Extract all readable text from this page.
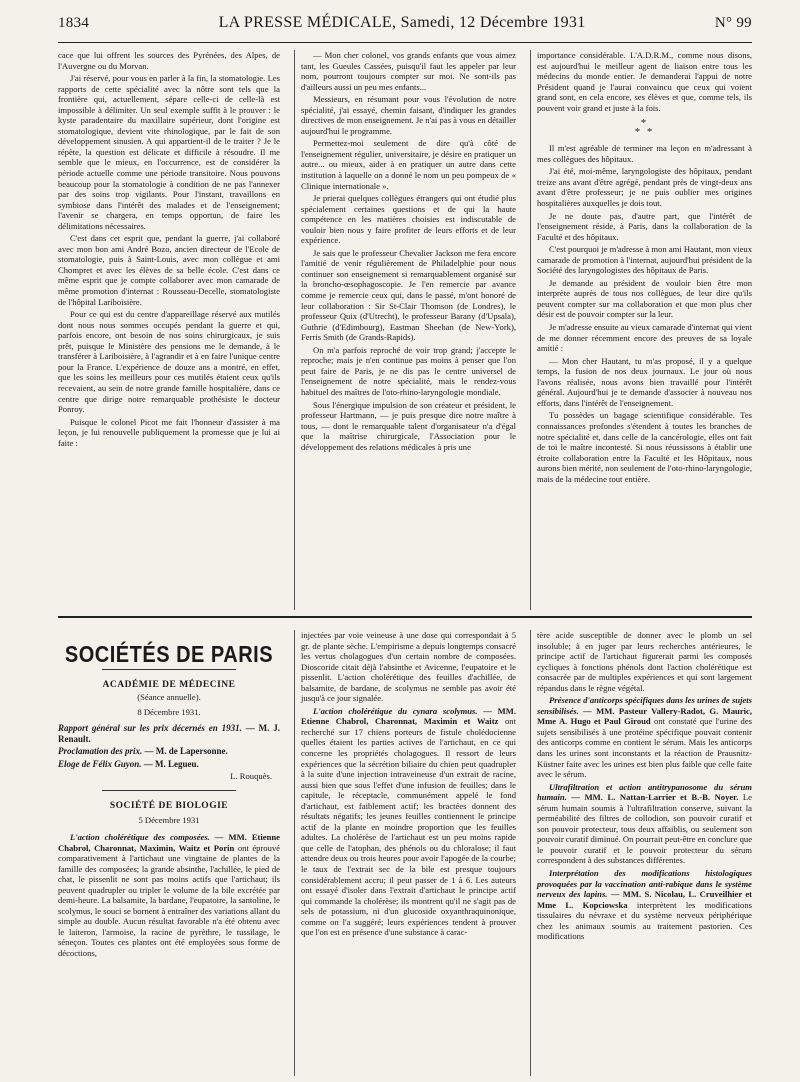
1834	LA PRESSE MÉDICALE, Samedi, 12 Décembre 1931	N° 99

cace que lui offrent les sources des Pyrénées, des Alpes, de l'Auvergne ou du Morvan.

J'ai réservé, pour vous en parler à la fin, la stomatologie. Les rapports de cette spécialité avec la nôtre sont tels que la frontière qui, actuellement, sépare celle-ci de celle-là est impossible à délimiter. Un seul exemple suffit à le prouver : le kyste paradentaire du maxillaire supérieur, dont l'origine est stomatologique, devient vite rhinologique, par le fait de son développement sinusien. A qui appartient-il de le traiter ? Je le répète, la question est délicate et difficile à résoudre. Il me semble que le mieux, en l'occurrence, est de considérer la période actuelle comme une période transitoire. Nous pouvons beaucoup pour la stomatologie à condition de ne pas l'annexer par des soins trop vigilants. Pour l'instant, travaillons en symbiose dans l'intérêt des malades et de l'enseignement; l'avenir se chargera, en temps opportun, de faire les délimitations nécessaires.

C'est dans cet esprit que, pendant la guerre, j'ai collaboré avec mon bon ami André Bozo, ancien directeur de l'Ecole de stomatologie, puis à Saint-Louis, avec mon collègue et ami Chompret et avec les élèves de sa belle école. C'est dans ce même esprit que je compte collaborer avec mon camarade de même promotion d'internat : Rousseau-Decelle, stomatologiste de l'hôpital Lariboisière.

Pour ce qui est du centre d'appareillage réservé aux mutilés dont nous nous sommes occupés pendant la guerre et qui, parfois encore, ont besoin de nos soins chirurgicaux, je suis prêt, puisque le Ministère des pensions me le demande, à le transférer à Lariboisière, à l'agrandir et à en faire l'unique centre pour la France. L'expérience de douze ans a montré, en effet, que les soins les meilleurs pour ces mutilés étaient ceux qu'ils recevaient, au sein de notre grande famille hospitalière, dans ce centre que dirige notre remarquable prothésiste le docteur Ponroy.

Puisque le colonel Picot me fait l'honneur d'assister à ma leçon, je lui renouvelle publiquement la promesse que je lui ai faite :

— Mon cher colonel, vos grands enfants que vous aimez tant, les Gueules Cassées, puisqu'il faut les appeler par leur nom, pourront toujours compter sur moi. Ne sont-ils pas d'ailleurs aussi un peu mes enfants...

Messieurs, en résumant pour vous l'évolution de notre spécialité, j'ai essayé, chemin faisant, d'indiquer les grandes directives de mon enseignement. Je n'ai pas à vous en détailler aujourd'hui le programme.

Permettez-moi seulement de dire qu'à côté de l'enseignement régulier, universitaire, je désire en pratiquer un autre... ou mieux, aider à en pratiquer un autre dans cette institution à laquelle on a donné le nom un peu pompeux de « Clinique internationale ».

Je prierai quelques collègues étrangers qui ont étudié plus spécialement certaines questions et de qui la haute compétence en les matières choisies est indiscutable de vouloir bien nous y faire profiter de leurs efforts et de leur expérience.

Je sais que le professeur Chevalier Jackson me fera encore l'amitié de venir régulièrement de Philadelphie pour nous continuer son enseignement si remarquablement organisé sur la broncho-œsophagoscopie. Je l'en remercie par avance comme je remercie ceux qui, dans le passé, m'ont honoré de leur collaboration : Sir St-Clair Thomson (de Londres), le professeur Quix (d'Utrecht), le professeur Barany (d'Upsala), Guthrie (d'Edimbourg), Eastman Sheehan (de New-York), Ferris Smith (de Grands-Rapids).

On m'a parfois reproché de voir trop grand; j'accepte le reproche; mais je n'en continue pas moins à penser que l'on peut faire de Paris, je ne dis pas le centre universel de l'enseignement de notre spécialité, mais le rendez-vous habituel des maîtres de l'oto-rhino-laryngologie mondiale.

Sous l'énergique impulsion de son créateur et président, le professeur Hartmann, — je puis presque dire notre maître à tous, — dont le remarquable talent d'organisateur n'a d'égal que la maîtrise chirurgicale, l'Association pour le développement des relations médicales à pris une

importance considérable. L'A.D.R.M., comme nous disons, est aujourd'hui le meilleur agent de liaison entre tous les médecins du monde entier. Je demanderai l'appui de notre Président quand je l'aurai convaincu que ceux qui voient grand sont, en cela encore, ses élèves et que, comme tels, ils pouvent voir grand et juste à la fois.

*
* *

Il m'est agréable de terminer ma leçon en m'adressant à mes collègues des hôpitaux.

J'ai été, moi-même, laryngologiste des hôpitaux, pendant treize ans avant d'être agrégé, pendant près de vingt-deux ans avant d'être professeur; je ne puis oublier mes origines hospitalières auxquelles je dois tout.

Je ne doute pas, d'autre part, que l'intérêt de l'enseignement réside, à Paris, dans la collaboration de la Faculté et des hôpitaux.

C'est pourquoi je m'adresse à mon ami Hautant, mon vieux camarade de promotion à l'internat, aujourd'hui président de la Société des laryngologistes des hôpitaux de Paris.

Je demande au président de vouloir bien être mon interprète auprès de tous nos collègues, de leur dire qu'ils peuvent compter sur ma collaboration et que mon plus cher désir est de pouvoir compter sur la leur.

Je m'adresse ensuite au vieux camarade d'internat qui vient de me donner récemment encore des preuves de sa loyale amitié :

— Mon cher Hautant, tu m'as proposé, il y a quelque temps, la fusion de nos deux journaux. Le jour où nous l'avons réalisée, nous avons bien travaillé pour l'intérêt général. Aujourd'hui je te demande d'associer à nouveau nos efforts, dans l'intérêt de l'enseignement.

Tu possèdes un bagage scientifique considérable. Tes connaissances profondes s'étendent à toutes les branches de notre spécialité et, dans celle de la cancérologie, elles ont fait de toi le maître incontesté. Si nous réussissons à établir une étroite collaboration entre la Faculté et les Hôpitaux, nous aurons bien mérité, non seulement de l'oto-rhino-laryngologie, mais de la médecine tout entière.

SOCIÉTÉS DE PARIS
ACADÉMIE DE MÉDECINE
(Séance annuelle).
8 Décembre 1931.

Rapport général sur les prix décernés en 1931. — M. J. Renault.

Proclamation des prix. — M. de Lapersonne.

Eloge de Félix Guyon. — M. Legueu.

L. Rouquès.
SOCIÉTÉ DE BIOLOGIE
5 Décembre 1931

L'action cholérétique des composées. — MM. Etienne Chabrol, Charonnat, Maximin, Waitz et Porin ont éprouvé comparativement à l'artichaut une vingtaine de plantes de la famille des composées; la grande absinthe, l'achillée, le pied de chat, le pissenlit ne sont pas moins actifs que l'artichaut; ils peuvent quadrupler ou tripler le volume de la bile excrétée par demi-heure. La balsamite, la bardane, l'eupatoire, la santoline, le scolymus, le souci se bornent à entraîner des variations allant du simple au double. Aucun résultat favorable n'a été obtenu avec le laiteron, l'armoise, la racine de pyrèthre, le tussilage, le séneçon. Toutes ces plantes ont été employées sous forme de décoctions,

injectées par voie veineuse à une dose qui correspondait à 5 gr. de plante sèche. L'empirisme a depuis longtemps consacré les vertus cholagogues d'un certain nombre de composées. Dioscoride citait déjà l'absinthe et Avicenne, l'eupatoire et le pissenlit. L'action cholérétique des feuilles d'achillée, de balsamite, de bardane, de scolymus ne semble pas avoir été jusqu'à ce jour signalée.

L'action cholérétique du cynara scolymus. — MM. Etienne Chabrol, Charonnat, Maximin et Waitz ont recherché sur 17 chiens porteurs de fistule cholédocienne quelles étaient les parties actives de l'artichaut, en ce qui concerne les propriétés cholagogues. Il ressort de leurs expériences que la sécrétion biliaire du chien peut quadrupler à la suite d'une injection intraveineuse d'un extrait de racine, aussi bien que sous l'effet d'une infusion de feuilles; dans le capitule, le réceptacle, communément appelé le fond d'artichaut, est faiblement actif; les bractées donnent des résultats négatifs; les jeunes feuilles contiennent le principe actif de la plante en moindre proportion que les feuilles adultes. La cholérèse de l'artichaut est un peu moins rapide que celle de l'atophan, des phénols ou du chloralose; il faut attendre deux ou trois heures pour avoir l'apogée de la courbe; le taux de l'extrait sec de la bile est presque toujours considérablement accru; il peut passer de 1 à 6. Les auteurs ont essayé d'isoler dans l'extrait d'artichaut le principe actif qui commande la cholérèse; ils montrent qu'il ne s'agit pas de sels de potassium, ni d'un glucoside oxyanthraquinonique, comme on l'a suggéré; leurs expériences tendent à prouver que l'on est en présence d'une substance à carac-

tère acide susceptible de donner avec le plomb un sel insoluble; à en juger par leurs recherches antérieures, le principe actif de l'artichaut figurerait parmi les composés cycliques à fonctions phénols dont l'action cholérétique est consacrée par de multiples expériences et qui sont largement répandus dans le règne végétal.

Présence d'anticorps spécifiques dans les urines de sujets sensibilisés. — MM. Pasteur Vallery-Radot, G. Mauric, Mme A. Hugo et Paul Giroud ont constaté que l'urine des sujets sensibilisés à une protéine spécifique pouvait contenir des anticorps comme en contient le sérum. Mais les anticorps dans les urines sont inconstants et la réaction de Prausnitz-Küstner faite avec les urines est bien plus faible que celle faite avec le sérum.

Ultrafiltration et action antitrypanosome du sérum humain. — MM. L. Nattan-Larrier et B.-B. Noyer. Le sérum humain soumis à l'ultrafiltration conserve, suivant la perméabilité des filtres de collodion, son pouvoir curatif et son pouvoir protecteur, tous deux affaiblis, ou seulement son pouvoir curatif diminué. On pourrait peut-être en conclure que le pouvoir curatif et le pouvoir protecteur du sérum correspondent à des substances différentes.

Interprétation des modifications histologiques provoquées par la vaccination anti-rabique dans le système nerveux des lapins. — MM. S. Nicolau, L. Cruveilhier et Mme L. Kopciowska interprètent les modifications tissulaires du névraxe et du système nerveux périphérique chez les animaux soumis au traitement pastorien. Ces modifications
